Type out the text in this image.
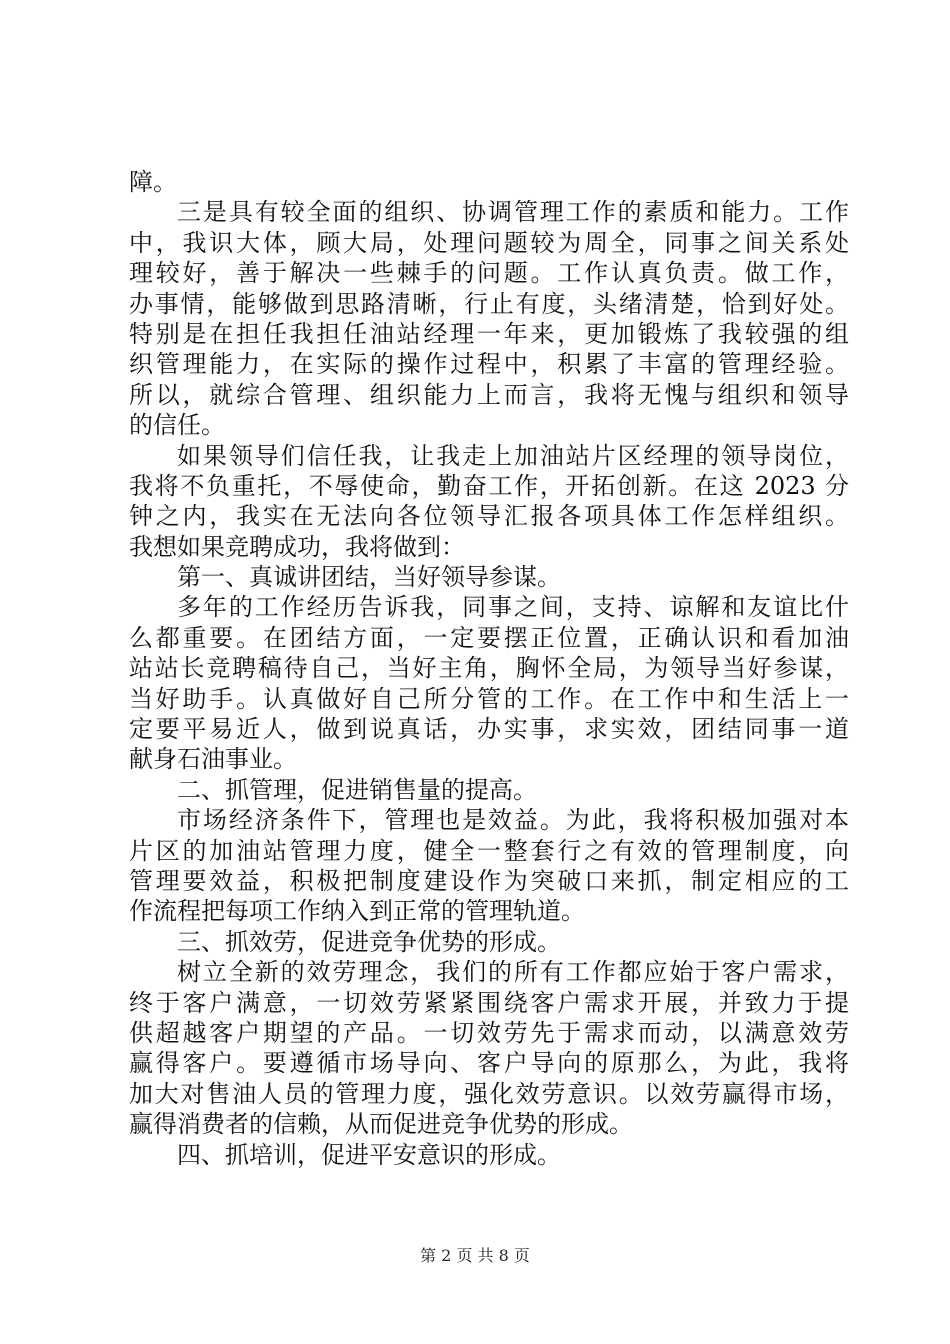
障。
三是具有较全面的组织、协调管理工作的素质和能力。工作
中，我识大体，顾大局，处理问题较为周全，同事之间关系处
理较好，善于解决一些棘手的问题。工作认真负责。做工作，
办事情，能够做到思路清晰，行止有度，头绪清楚，恰到好处。
特别是在担任我担任油站经理一年来，更加锻炼了我较强的组
织管理能力，在实际的操作过程中，积累了丰富的管理经验。
所以，就综合管理、组织能力上而言，我将无愧与组织和领导
的信任。
如果领导们信任我，让我走上加油站片区经理的领导岗位，
我将不负重托，不辱使命，勤奋工作，开拓创新。在这 2023 分
钟之内，我实在无法向各位领导汇报各项具体工作怎样组织。
我想如果竞聘成功，我将做到：
第一、真诚讲团结，当好领导参谋。
多年的工作经历告诉我，同事之间，支持、谅解和友谊比什
么都重要。在团结方面，一定要摆正位置，正确认识和看加油
站站长竞聘稿待自己，当好主角，胸怀全局，为领导当好参谋，
当好助手。认真做好自己所分管的工作。在工作中和生活上一
定要平易近人，做到说真话，办实事，求实效，团结同事一道
献身石油事业。
二、抓管理，促进销售量的提高。
市场经济条件下，管理也是效益。为此，我将积极加强对本
片区的加油站管理力度，健全一整套行之有效的管理制度，向
管理要效益，积极把制度建设作为突破口来抓，制定相应的工
作流程把每项工作纳入到正常的管理轨道。
三、抓效劳，促进竞争优势的形成。
树立全新的效劳理念，我们的所有工作都应始于客户需求，
终于客户满意，一切效劳紧紧围绕客户需求开展，并致力于提
供超越客户期望的产品。一切效劳先于需求而动，以满意效劳
赢得客户。要遵循市场导向、客户导向的原那么，为此，我将
加大对售油人员的管理力度，强化效劳意识。以效劳赢得市场，
赢得消费者的信赖，从而促进竞争优势的形成。
四、抓培训，促进平安意识的形成。
第 2 页 共 8 页
